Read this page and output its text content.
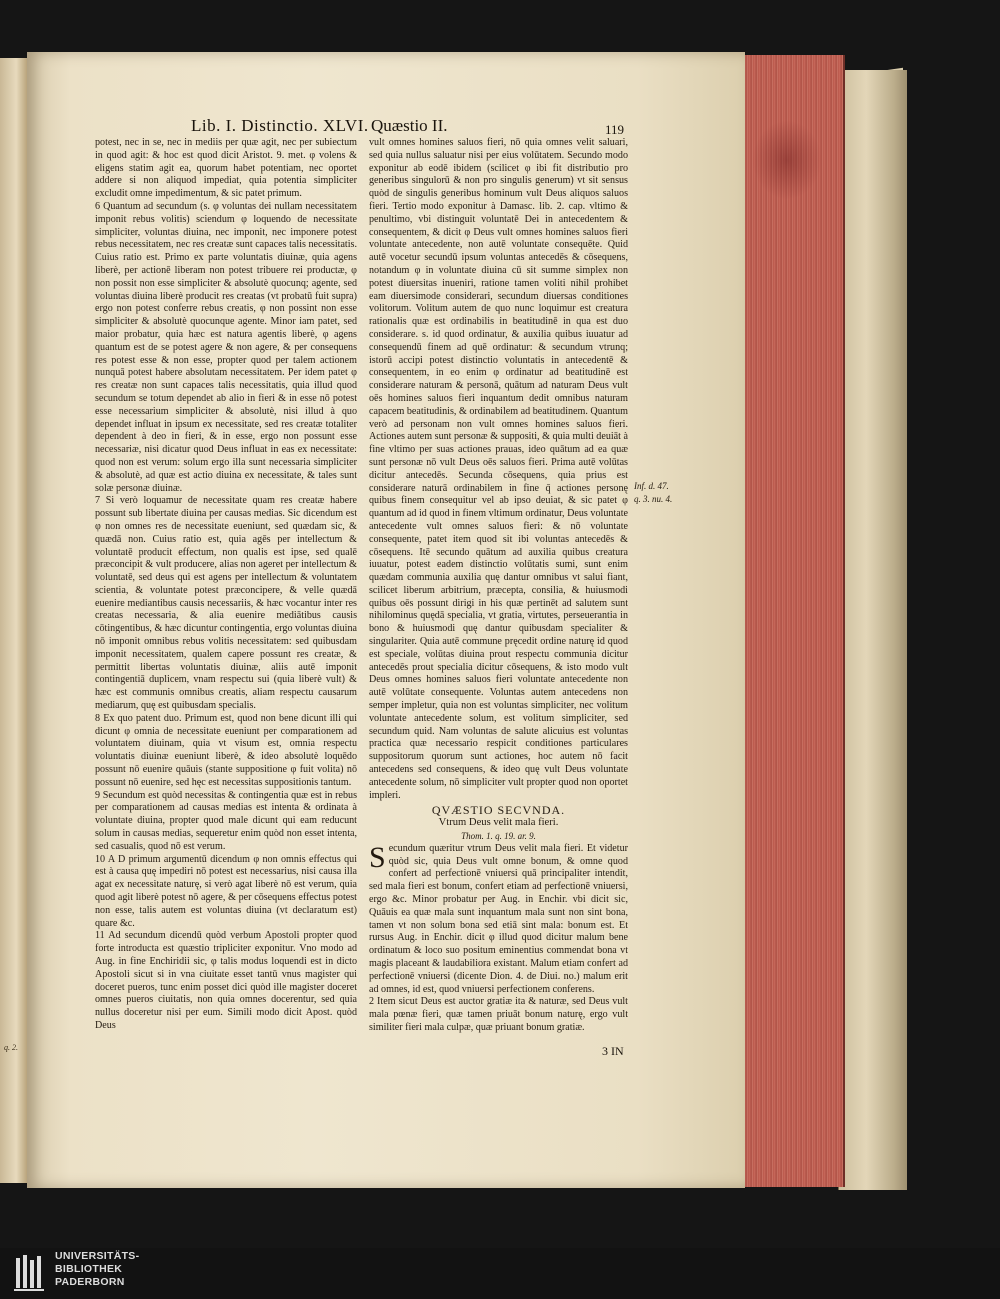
q. 2.
Lib. I. Distinctio. XLVI. Quæstio II.	119

potest, nec in se, nec in mediis per quæ agit, nec per subiectum in quod agit: & hoc est quod dicit Aristot. 9. met. φ volens & eligens statim agit ea, quorum habet potentiam, nec oportet addere si non aliquod impediat, quia potentia simpliciter excludit omne impedimentum, & sic patet primum.

6 Quantum ad secundum (s. φ voluntas dei nullam necessitatem imponit rebus volitis) sciendum φ loquendo de necessitate simpliciter, voluntas diuina, nec imponit, nec imponere potest rebus necessitatem, nec res creatæ sunt capaces talis necessitatis. Cuius ratio est. Primo ex parte voluntatis diuinæ, quia agens liberè, per actionē liberam non potest tribuere rei productæ, φ non possit non esse simpliciter & absolutè quocunq; agente, sed voluntas diuina liberè producit res creatas (vt probatū fuit supra) ergo non potest conferre rebus creatis, φ non possint non esse simpliciter & absolutè quocunque agente. Minor iam patet, sed maior probatur, quia hæc est natura agentis liberè, φ agens quantum est de se potest agere & non agere, & per consequens res potest esse & non esse, propter quod per talem actionem nunquā potest habere absolutam necessitatem. Per idem patet φ res creatæ non sunt capaces talis necessitatis, quia illud quod secundum se totum dependet ab alio in fieri & in esse nō potest esse necessarium simpliciter & absolutè, nisi illud à quo dependet influat in ipsum ex necessitate, sed res creatæ totaliter dependent à deo in fieri, & in esse, ergo non possunt esse necessariæ, nisi dicatur quod Deus influat in eas ex necessitate: quod non est verum: solum ergo illa sunt necessaria simpliciter & absolutè, ad quæ est actio diuina ex necessitate, & tales sunt solæ personæ diuinæ.

7 Si verò loquamur de necessitate quam res creatæ habere possunt sub libertate diuina per causas medias. Sic dicendum est φ non omnes res de necessitate eueniunt, sed quædam sic, & quædā non. Cuius ratio est, quia agēs per intellectum & voluntatē producit effectum, non qualis est ipse, sed qualē præconcipit & vult producere, alias non ageret per intellectum & voluntatē, sed deus qui est agens per intellectum & voluntatem scientia, & voluntate potest præconcipere, & velle quædā euenire mediantibus causis necessariis, & hæc vocantur inter res creatas necessaria, & alia euenire mediātibus causis cōtingentibus, & hæc dicuntur contingentia, ergo voluntas diuina nō imponit omnibus rebus volitis necessitatem: sed quibusdam imponit necessitatem, qualem capere possunt res creatæ, & permittit libertas voluntatis diuinæ, aliis autē imponit contingentiā duplicem, vnam respectu sui (quia liberè vult) & hæc est communis omnibus creatis, aliam respectu causarum mediarum, quę est quibusdam specialis.

8 Ex quo patent duo. Primum est, quod non bene dicunt illi qui dicunt φ omnia de necessitate eueniunt per comparationem ad voluntatem diuinam, quia vt visum est, omnia respectu voluntatis diuinæ eueniunt liberè, & ideo absolutè loquēdo possunt nō euenire quāuis (stante suppositione φ fuit volita) nō possunt nō euenire, sed hęc est necessitas suppositionis tantum.

9 Secundum est quòd necessitas & contingentia quæ est in rebus per comparationem ad causas medias est intenta & ordinata à voluntate diuina, propter quod male dicunt qui eam reducunt solum in causas medias, sequeretur enim quòd non esset intenta, sed casualis, quod nō est verum.

10 A D primum argumentū dicendum φ non omnis effectus qui est à causa quę impediri nō potest est necessarius, nisi causa illa agat ex necessitate naturę, si verò agat liberè nō est verum, quia quod agit liberè potest nō agere, & per cōsequens effectus potest non esse, talis autem est voluntas diuina (vt declaratum est) quare &c.

11 Ad secundum dicendū quòd verbum Apostoli propter quod forte introducta est quæstio tripliciter exponitur. Vno modo ad Aug. in fine Enchiridii sic, φ talis modus loquendi est in dicto Apostoli sicut si in vna ciuitate esset tantū vnus magister qui doceret pueros, tunc enim posset dici quòd ille magister doceret omnes pueros ciuitatis, non quia omnes docerentur, sed quia nullus doceretur nisi per eum. Simili modo dicit Apost. quòd Deus

vult omnes homines saluos fieri, nō quia omnes velit saluari, sed quia nullus saluatur nisi per eius volūtatem. Secundo modo exponitur ab eodē ibidem (scilicet φ ibi fit distributio pro generibus singulorū & non pro singulis generum) vt sit sensus quòd de singulis generibus hominum vult Deus aliquos saluos fieri. Tertio modo exponitur à Damasc. lib. 2. cap. vltimo & penultimo, vbi distinguit voluntatē Dei in antecedentem & consequentem, & dicit φ Deus vult omnes homines saluos fieri voluntate antecedente, non autē voluntate consequēte. Quid autē vocetur secundū ipsum voluntas antecedēs & cōsequens, notandum φ in voluntate diuina cū sit summe simplex non potest diuersitas inueniri, ratione tamen voliti nihil prohibet eam diuersimode considerari, secundum diuersas conditiones volitorum. Volitum autem de quo nunc loquimur est creatura rationalis quæ est ordinabilis in beatitudinē in qua est duo considerare. s. id quod ordinatur, & auxilia quibus iuuatur ad consequendū finem ad quē ordinatur: & secundum vtrunq; istorū accipi potest distinctio voluntatis in antecedentē & consequentem, in eo enim φ ordinatur ad beatitudinē est considerare naturam & personā, quātum ad naturam Deus vult oēs homines saluos fieri inquantum dedit omnibus naturam capacem beatitudinis, & ordinabilem ad beatitudinem. Quantum verò ad personam non vult omnes homines saluos fieri. Actiones autem sunt personæ & suppositi, & quia multi deuiāt à fine vltimo per suas actiones prauas, ideo quātum ad ea quæ sunt personæ nō vult Deus oēs saluos fieri. Prima autē volūtas dicitur antecedēs. Secunda cōsequens, quia prius est considerare naturā ordinabilem in fine q̄ actiones personę quibus finem consequitur vel ab ipso deuiat, & sic patet φ quantum ad id quod in finem vltimum ordinatur, Deus voluntate antecedente vult omnes saluos fieri: & nō voluntate consequente, patet item quod sit ibi voluntas antecedēs & cōsequens. Itē secundo quātum ad auxilia quibus creatura iuuatur, potest eadem distinctio volūtatis sumi, sunt enim quædam communia auxilia quę dantur omnibus vt salui fiant, scilicet liberum arbitrium, præcepta, consilia, & huiusmodi quibus oēs possunt dirigi in his quæ pertinēt ad salutem sunt nihilominus quędā specialia, vt gratia, virtutes, perseuerantia in bono & huiusmodi quę dantur quibusdam specialiter & singulariter. Quia autē commune pręcedit ordine naturę id quod est speciale, volūtas diuina prout respectu communia dicitur antecedēs prout specialia dicitur cōsequens, & isto modo vult Deus omnes homines saluos fieri voluntate antecedente non autē volūtate consequente. Voluntas autem antecedens non semper impletur, quia non est voluntas simpliciter, nec volitum voluntate antecedente solum, est volitum simpliciter, sed secundum quid. Nam voluntas de salute alicuius est voluntas practica quæ necessario respicit conditiones particulares suppositorum quorum sunt actiones, hoc autem nō facit antecedens sed consequens, & ideo quę vult Deus voluntate antecedente solum, nō simpliciter vult propter quod non oportet impleri.

QVÆSTIO SECVNDA.
Vtrum Deus velit mala fieri.
Thom. 1. q. 19. ar. 9.

Secundum quæritur vtrum Deus velit mala fieri. Et videtur quòd sic, quia Deus vult omne bonum, & omne quod confert ad perfectionē vniuersi quā principaliter intendit, sed mala fieri est bonum, confert etiam ad perfectionē vniuersi, ergo &c. Minor probatur per Aug. in Enchir. vbi dicit sic, Quāuis ea quæ mala sunt inquantum mala sunt non sint bona, tamen vt non solum bona sed etiā sint mala: bonum est. Et rursus Aug. in Enchir. dicit φ illud quod dicitur malum bene ordinatum & loco suo positum eminentius commendat bona vt magis placeant & laudabiliora existant. Malum etiam confert ad perfectionē vniuersi (dicente Dion. 4. de Diui. no.) malum erit ad omnes, id est, quod vniuersi perfectionem conferens.

2 Item sicut Deus est auctor gratiæ ita & naturæ, sed Deus vult mala pœnæ fieri, quæ tamen priuāt bonum naturę, ergo vult similiter fieri mala culpæ, quæ priuant bonum gratiæ.

Inf. d. 47.
q. 3. nu. 4.
3 IN
UNIVERSITÄTS-
BIBLIOTHEK
PADERBORN
